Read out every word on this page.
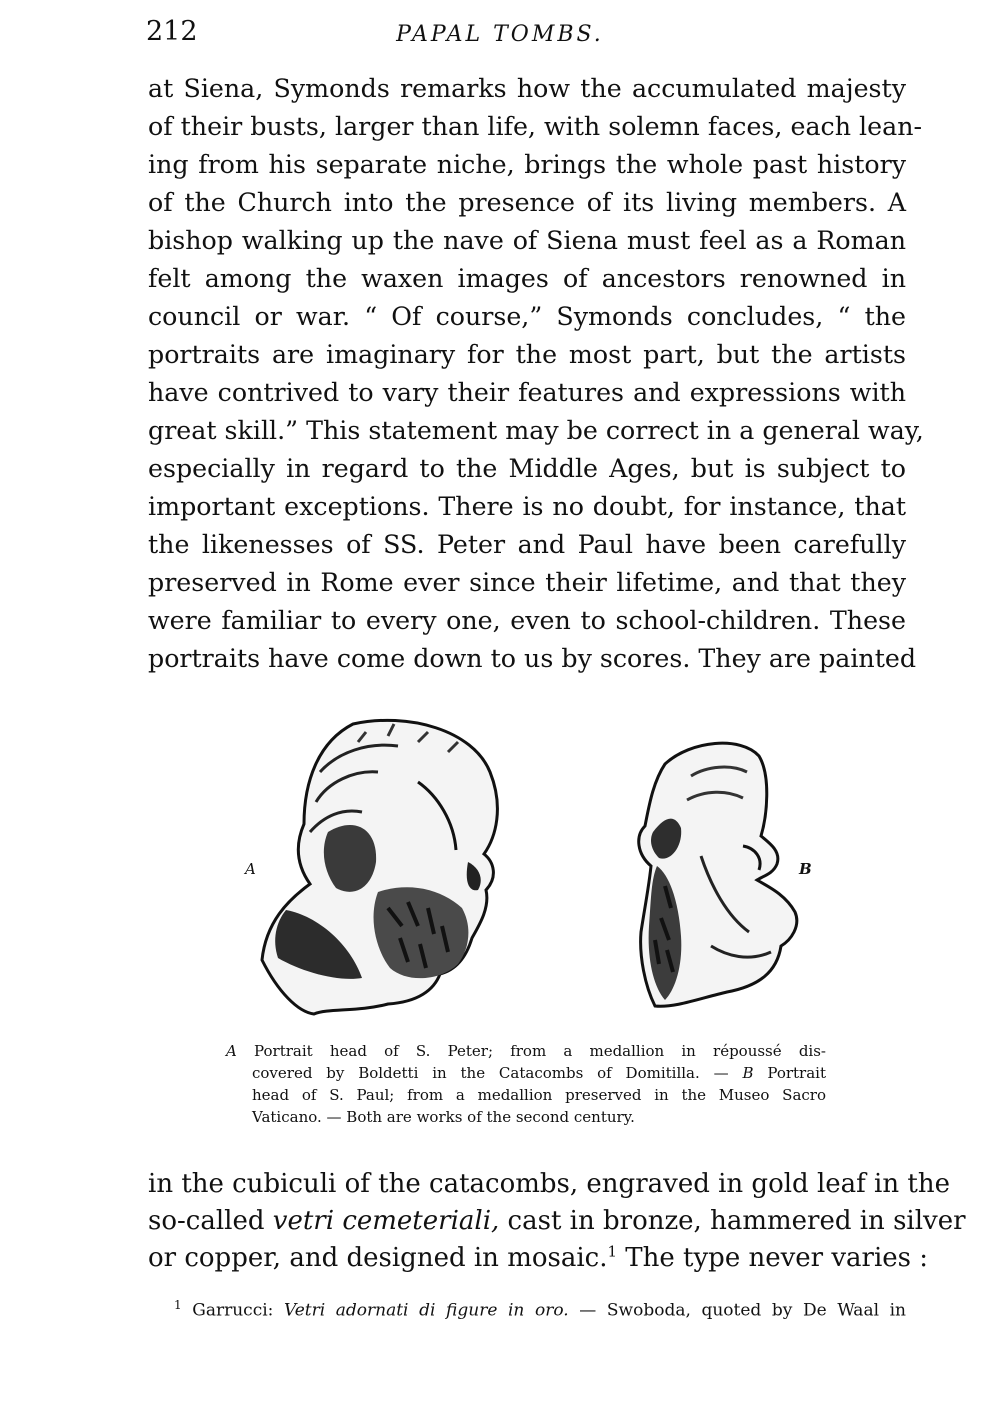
212	PAPAL TOMBS.

at Siena, Symonds remarks how the accumulated majesty
of their busts, larger than life, with solemn faces, each lean-
ing from his separate niche, brings the whole past history
of the Church into the presence of its living members. A
bishop walking up the nave of Siena must feel as a Roman
felt among the waxen images of ancestors renowned in
council or war. “ Of course,” Symonds concludes, “ the
portraits are imaginary for the most part, but the artists
have contrived to vary their features and expressions with
great skill.” This statement may be correct in a general way,
especially in regard to the Middle Ages, but is subject to
important exceptions. There is no doubt, for instance, that
the likenesses of SS. Peter and Paul have been carefully
preserved in Rome ever since their lifetime, and that they
were familiar to every one, even to school-children. These
portraits have come down to us by scores. They are painted

A	B
A Portrait head of S. Peter; from a medallion in répoussé dis-
covered by Boldetti in the Catacombs of Domitilla. — B Portrait
head of S. Paul; from a medallion preserved in the Museo Sacro
Vaticano. — Both are works of the second century.

in the cubiculi of the catacombs, engraved in gold leaf in the
so-called vetri cemeteriali, cast in bronze, hammered in silver
or copper, and designed in mosaic.$^1$ The type never varies :

$^1$ Garrucci: Vetri adornati di figure in oro. — Swoboda, quoted by De Waal in
